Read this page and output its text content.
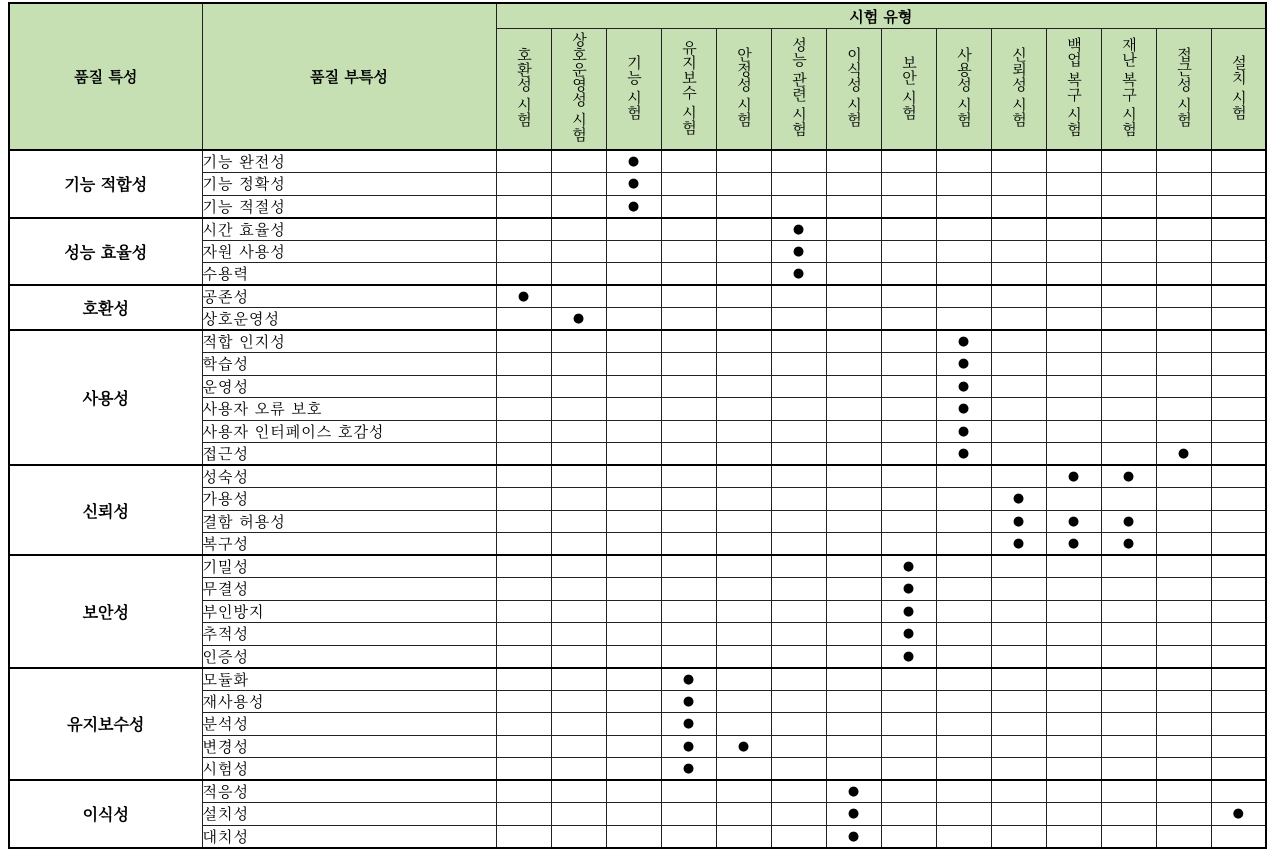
품질 특성	품질 부특성	시험 유형													
		호환성 시험	상호운영성 시험	기능 시험	유지보수 시험	안정성 시험	성능 관련 시험	이식성 시험	보안 시험	사용성 시험	신뢰성 시험	백업 복구 시험	재난 복구 시험	접근성 시험	설치 시험
기능 적합성	기능 완전성			●											
	기능 정확성			●											
	기능 적절성			●											
성능 효율성	시간 효율성						●								
	자원 사용성						●								
	수용력						●								
호환성	공존성	●													
	상호운영성		●												
사용성	적합 인지성									●					
	학습성									●					
	운영성									●					
	사용자 오류 보호									●					
	사용자 인터페이스 호감성									●					
	접근성									●				●	
신뢰성	성숙성											●	●		
	가용성										●				
	결함 허용성										●	●	●		
	복구성										●	●	●		
보안성	기밀성								●						
	무결성								●						
	부인방지								●						
	추적성								●						
	인증성								●						
유지보수성	모듈화				●										
	재사용성				●										
	분석성				●										
	변경성				●	●									
	시험성				●										
이식성	적응성							●							
	설치성							●							●
	대치성							●							
